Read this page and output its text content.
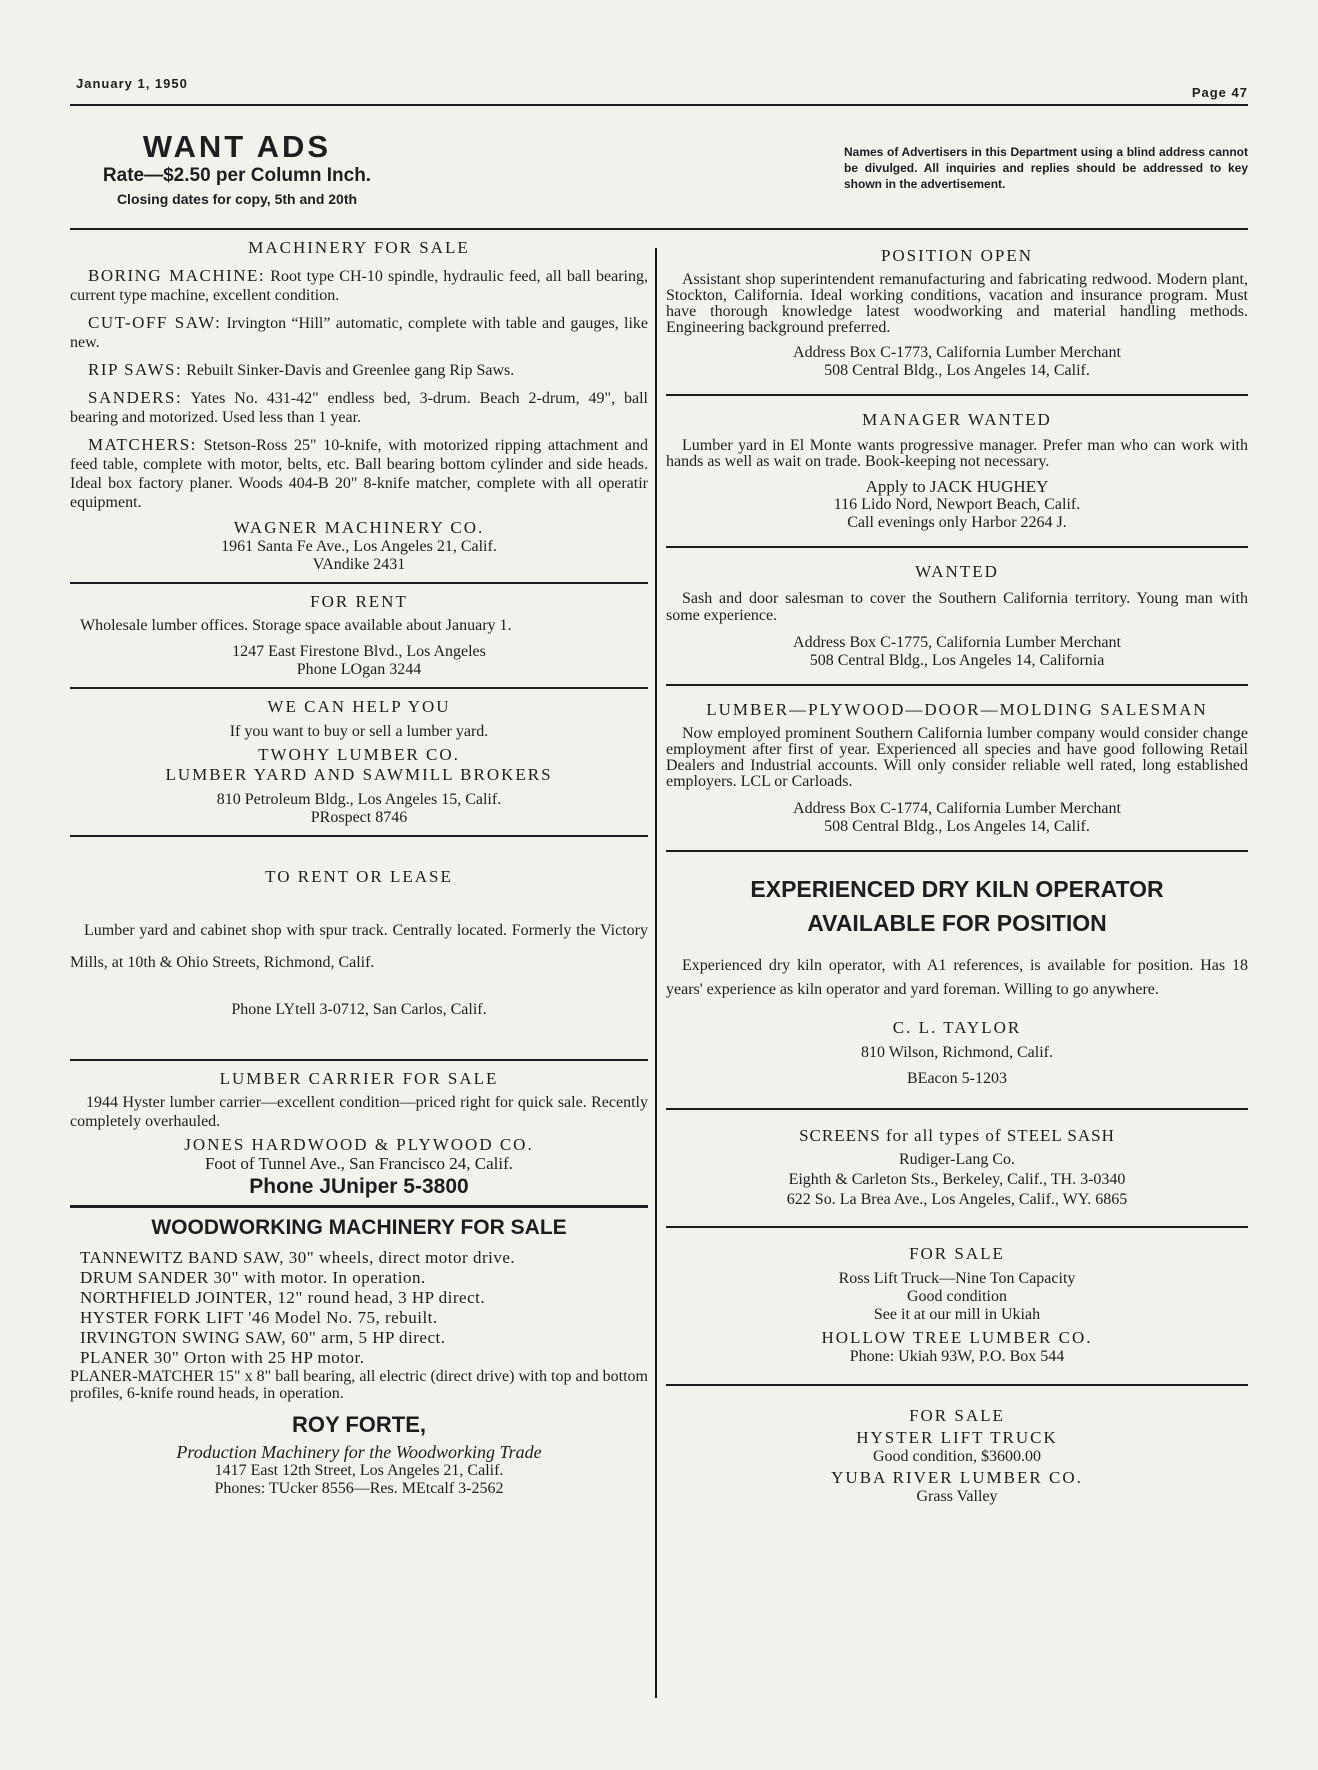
January 1, 1950
Page 47
WANT ADS
Rate—$2.50 per Column Inch.
Closing dates for copy, 5th and 20th
Names of Advertisers in this Department using a blind address cannot be divulged. All inquiries and replies should be addressed to key shown in the advertisement.
MACHINERY FOR SALE

BORING MACHINE: Root type CH-10 spindle, hydraulic feed, all ball bearing, current type machine, excellent condition.

CUT-OFF SAW: Irvington “Hill” automatic, complete with table and gauges, like new.

RIP SAWS: Rebuilt Sinker-Davis and Greenlee gang Rip Saws.

SANDERS: Yates No. 431-42" endless bed, 3-drum. Beach 2-drum, 49", ball bearing and motorized. Used less than 1 year.

MATCHERS: Stetson-Ross 25" 10-knife, with motorized ripping attachment and feed table, complete with motor, belts, etc. Ball bearing bottom cylinder and side heads. Ideal box factory planer. Woods 404-B 20" 8-knife matcher, complete with all operatir equipment.

WAGNER MACHINERY CO.
1961 Santa Fe Ave., Los Angeles 21, Calif.
VAndike 2431
FOR RENT
Wholesale lumber offices. Storage space available about January 1.
1247 East Firestone Blvd., Los Angeles
Phone LOgan 3244
WE CAN HELP YOU
If you want to buy or sell a lumber yard.
TWOHY LUMBER CO.
LUMBER YARD AND SAWMILL BROKERS
810 Petroleum Bldg., Los Angeles 15, Calif.
PRospect 8746
TO RENT OR LEASE
Lumber yard and cabinet shop with spur track. Centrally located. Formerly the Victory Mills, at 10th & Ohio Streets, Richmond, Calif.
Phone LYtell 3-0712, San Carlos, Calif.
LUMBER CARRIER FOR SALE
1944 Hyster lumber carrier—excellent condition—priced right for quick sale. Recently completely overhauled.
JONES HARDWOOD & PLYWOOD CO.
Foot of Tunnel Ave., San Francisco 24, Calif.
Phone JUniper 5-3800
WOODWORKING MACHINERY FOR SALE
TANNEWITZ BAND SAW, 30" wheels, direct motor drive.
DRUM SANDER 30" with motor. In operation.
NORTHFIELD JOINTER, 12" round head, 3 HP direct.
HYSTER FORK LIFT '46 Model No. 75, rebuilt.
IRVINGTON SWING SAW, 60" arm, 5 HP direct.
PLANER 30" Orton with 25 HP motor.
PLANER-MATCHER 15" x 8" ball bearing, all electric (direct drive) with top and bottom profiles, 6-knife round heads, in operation.
ROY FORTE,
Production Machinery for the Woodworking Trade
1417 East 12th Street, Los Angeles 21, Calif.
Phones: TUcker 8556—Res. MEtcalf 3-2562
POSITION OPEN
Assistant shop superintendent remanufacturing and fabricating redwood. Modern plant, Stockton, California. Ideal working conditions, vacation and insurance program. Must have thorough knowledge latest woodworking and material handling methods. Engineering background preferred.
Address Box C-1773, California Lumber Merchant
508 Central Bldg., Los Angeles 14, Calif.
MANAGER WANTED
Lumber yard in El Monte wants progressive manager. Prefer man who can work with hands as well as wait on trade. Book-keeping not necessary.
Apply to JACK HUGHEY
116 Lido Nord, Newport Beach, Calif.
Call evenings only Harbor 2264 J.
WANTED
Sash and door salesman to cover the Southern California territory. Young man with some experience.
Address Box C-1775, California Lumber Merchant
508 Central Bldg., Los Angeles 14, California
LUMBER—PLYWOOD—DOOR—MOLDING SALESMAN
Now employed prominent Southern California lumber company would consider change employment after first of year. Experienced all species and have good following Retail Dealers and Industrial accounts. Will only consider reliable well rated, long established employers. LCL or Carloads.
Address Box C-1774, California Lumber Merchant
508 Central Bldg., Los Angeles 14, Calif.
EXPERIENCED DRY KILN OPERATOR
AVAILABLE FOR POSITION
Experienced dry kiln operator, with A1 references, is available for position. Has 18 years' experience as kiln operator and yard foreman. Willing to go anywhere.
C. L. TAYLOR
810 Wilson, Richmond, Calif.
BEacon 5-1203
SCREENS for all types of STEEL SASH
Rudiger-Lang Co.
Eighth & Carleton Sts., Berkeley, Calif., TH. 3-0340
622 So. La Brea Ave., Los Angeles, Calif., WY. 6865
FOR SALE
Ross Lift Truck—Nine Ton Capacity
Good condition
See it at our mill in Ukiah
HOLLOW TREE LUMBER CO.
Phone: Ukiah 93W, P.O. Box 544
FOR SALE
HYSTER LIFT TRUCK
Good condition, $3600.00
YUBA RIVER LUMBER CO.
Grass Valley
